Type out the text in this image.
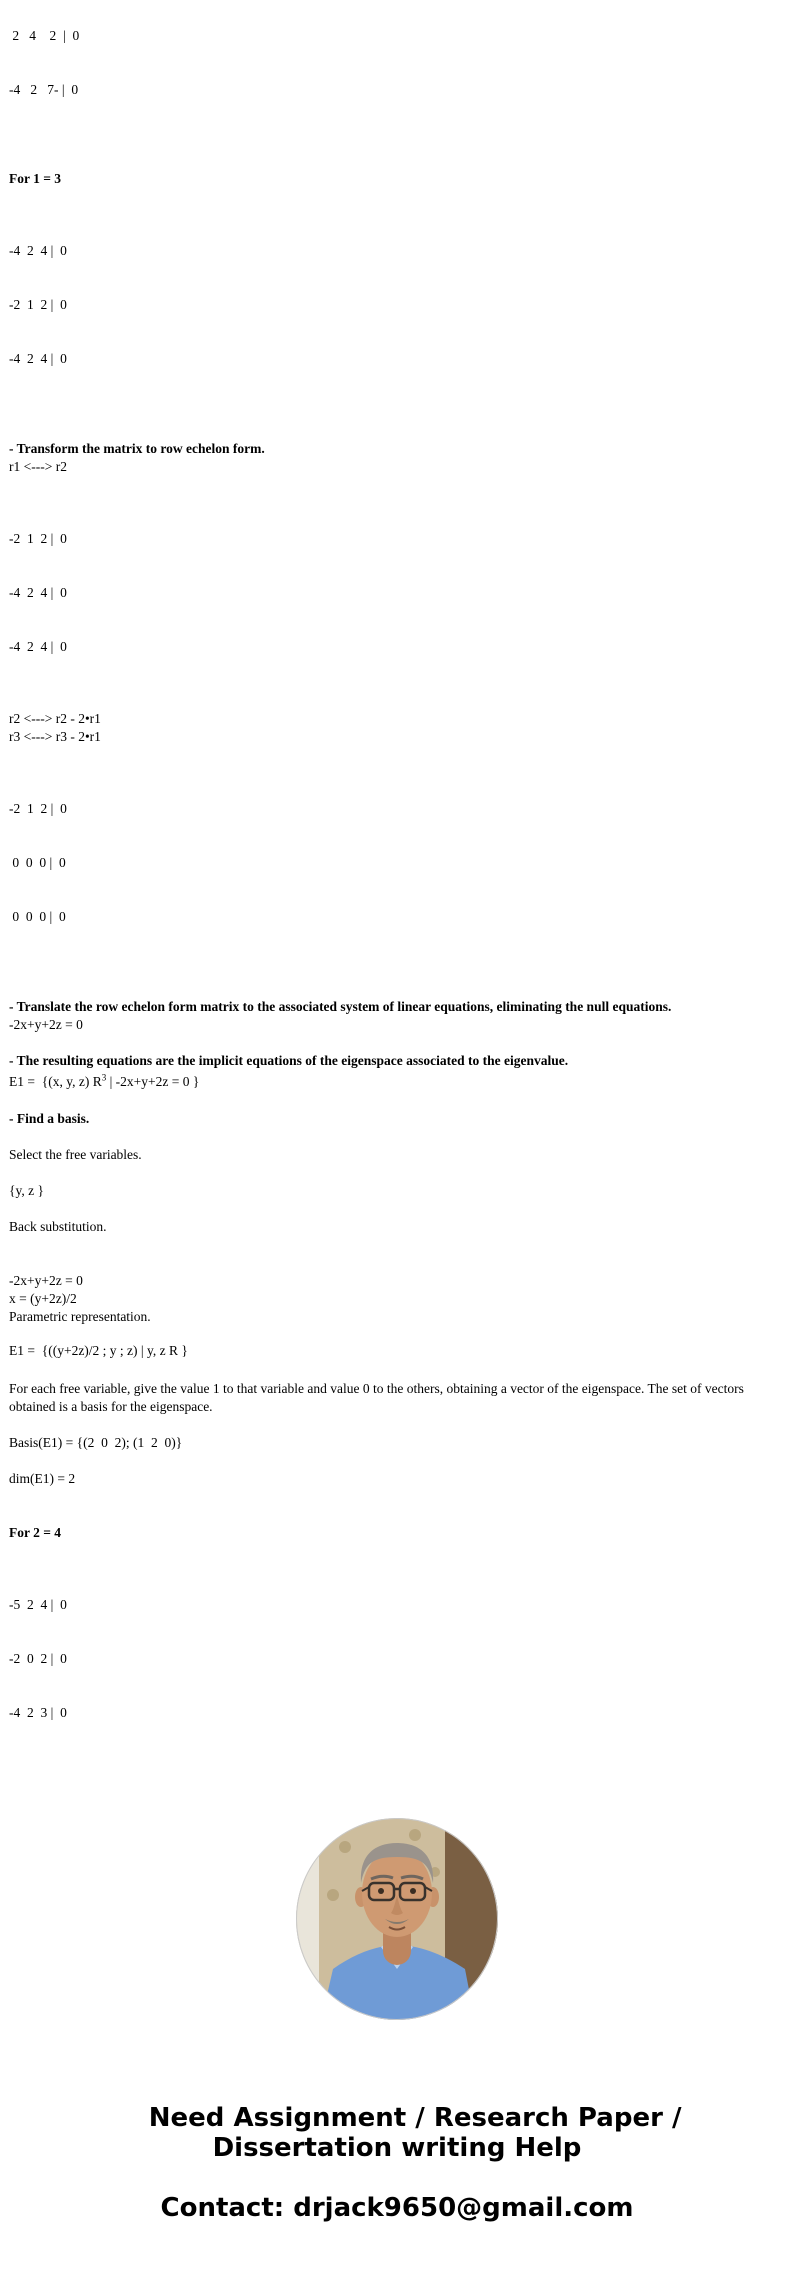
2   4    2  |  0

-4   2   7- |  0

For 1 = 3

-4  2  4 |  0

-2  1  2 |  0

-4  2  4 |  0

- Transform the matrix to row echelon form.

r1 <---> r2

-2  1  2 |  0

-4  2  4 |  0

-4  2  4 |  0

r2 <---> r2 - 2•r1

r3 <---> r3 - 2•r1

-2  1  2 |  0

0  0  0 |  0

0  0  0 |  0

- Translate the row echelon form matrix to the associated system of linear equations, eliminating the null equations.

-2x+y+2z = 0

- The resulting equations are the implicit equations of the eigenspace associated to the eigenvalue.

E1 =  {(x, y, z) $R^3$ | -2x+y+2z = 0 }

- Find a basis.

Select the free variables.

{y, z }

Back substitution.

-2x+y+2z = 0

x = (y+2z)/2

Parametric representation.

E1 =  {((y+2z)/2 ; y ; z) | y, z R }

For each free variable, give the value 1 to that variable and value 0 to the others, obtaining a vector of the eigenspace. The set of vectors obtained is a basis for the eigenspace.

Basis(E1) = {(2  0  2); (1  2  0)}

dim(E1) = 2

For 2 = 4

-5  2  4 |  0

-2  0  2 |  0

-4  2  3 |  0

Need Assignment / Research Paper / Dissertation writing Help

Contact: drjack9650@gmail.com
